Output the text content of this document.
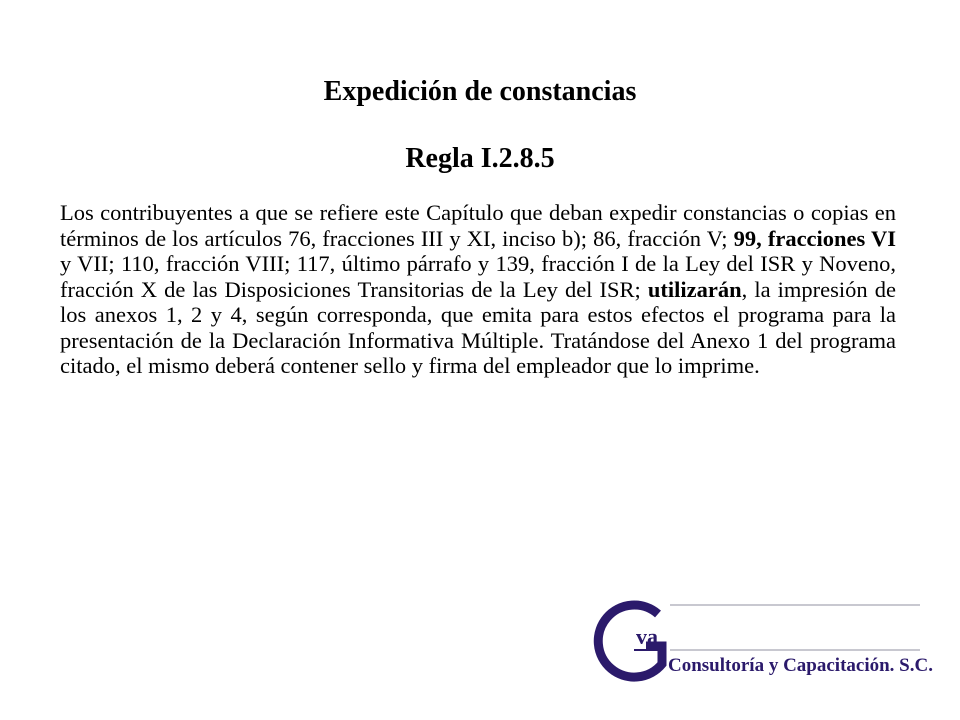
Expedición de constancias
Regla I.2.8.5

Los contribuyentes a que se refiere este Capítulo que deban expedir constancias o copias en términos de los artículos 76, fracciones III y XI, inciso b); 86, fracción V; 99, fracciones VI y VII; 110, fracción VIII; 117, último párrafo y 139, fracción I de la Ley del ISR y Noveno, fracción X de las Disposiciones Transitorias de la Ley del ISR; utilizarán, la impresión de los anexos 1, 2 y 4, según corresponda, que emita para estos efectos el programa para la presentación de la Declaración Informativa Múltiple. Tratándose del Anexo 1 del programa citado, el mismo deberá contener sello y firma del empleador que lo imprime.

va
Consultoría y Capacitación. S.C.
